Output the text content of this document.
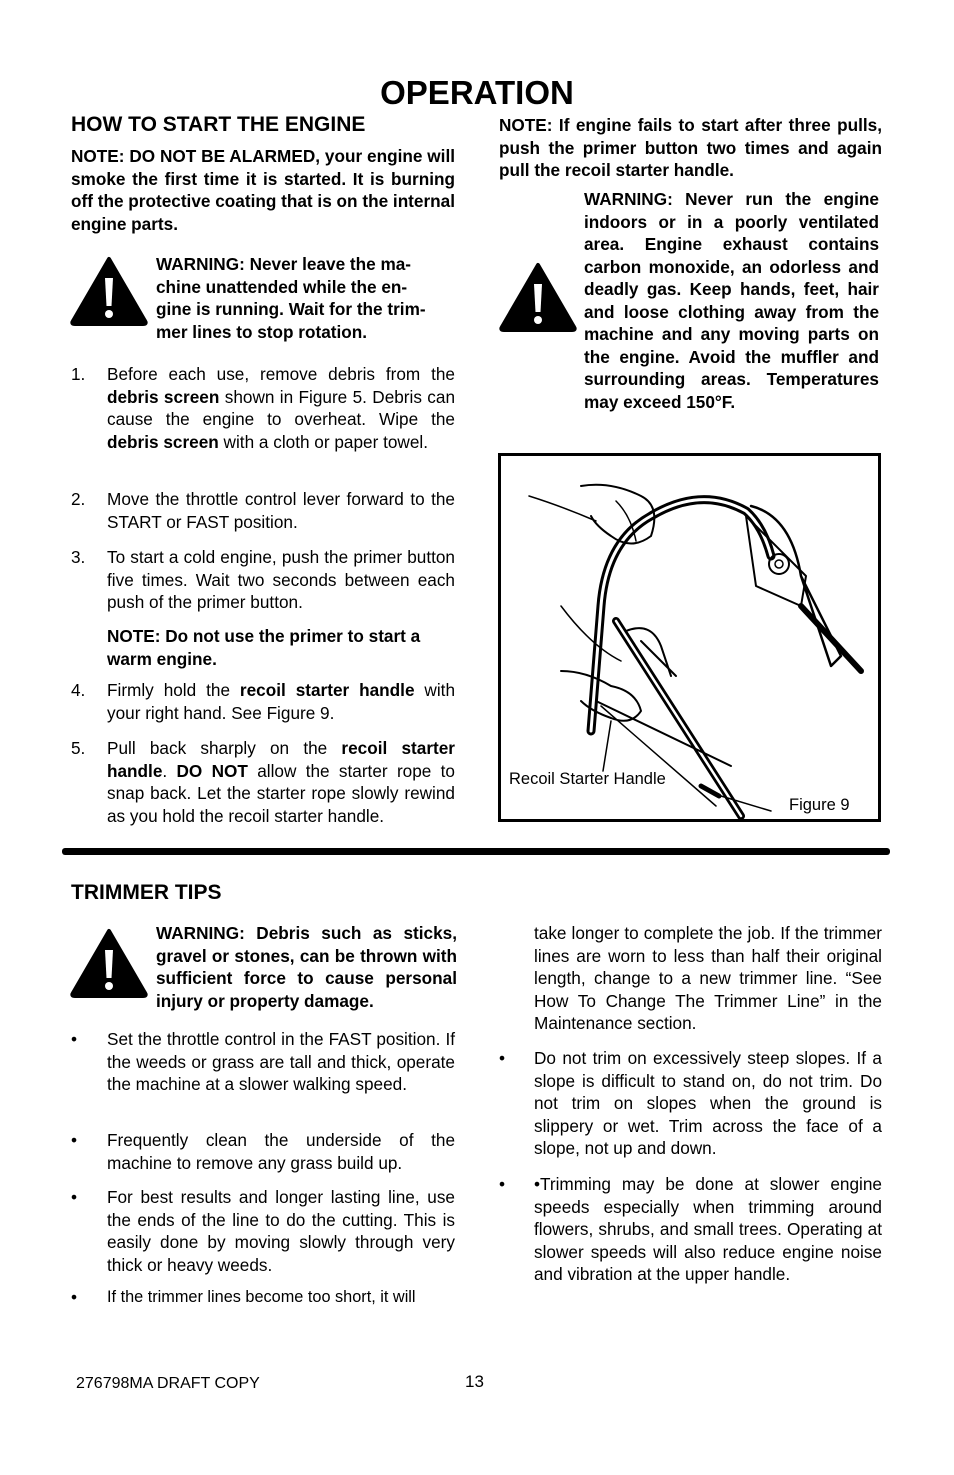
OPERATION
HOW TO START THE ENGINE
NOTE: DO NOT BE ALARMED, your engine will smoke the first time it is started. It is burning off the protective coating that is on the internal engine parts.
WARNING: Never leave the ma-
chine unattended while the en-
gine is running. Wait for the trim-
mer lines to stop rotation.
1.	Before each use, remove debris from the debris screen shown in Figure 5. Debris can cause the engine to overheat. Wipe the debris screen with a cloth or paper towel.
2.	Move the throttle control lever forward to the START or FAST position.
3.	To start a cold engine, push the primer button five times. Wait two seconds between each push of the primer button.
NOTE: Do not use the primer to start a warm engine.
4.	Firmly hold the recoil starter handle with your right hand. See Figure 9.
5.	Pull back sharply on the recoil starter handle. DO NOT allow the starter rope to snap back. Let the starter rope slowly rewind as you hold the recoil starter handle.
NOTE: If engine fails to start after three pulls, push the primer button two times and again pull the recoil starter handle.
WARNING: Never run the engine indoors or in a poorly ventilated area. Engine exhaust contains carbon monoxide, an odorless and deadly gas. Keep hands, feet, hair and loose clothing away from the machine and any moving parts on the engine. Avoid the muffler and surrounding areas. Temperatures may exceed 150°F.
Recoil Starter Handle
Figure 9
TRIMMER TIPS
WARNING: Debris such as sticks, gravel or stones, can be thrown with sufficient force to cause personal injury or property damage.
•	Set the throttle control in the FAST position. If the weeds or grass are tall and thick, operate the machine at a slower walking speed.
•	Frequently clean the underside of the machine to remove any grass build up.
•	For best results and longer lasting line, use the ends of the line to do the cutting. This is easily done by moving slowly through very thick or heavy weeds.
•	If the trimmer lines become too short, it will
take longer to complete the job. If the trimmer lines are worn to less than half their original length, change to a new trimmer line. “See How To Change The Trimmer Line” in the Maintenance section.
•	Do not trim on excessively steep slopes. If a slope is difficult to stand on, do not trim. Do not trim on slopes when the ground is slippery or wet. Trim across the face of a slope, not up and down.
•	•Trimming may be done at slower engine speeds especially when trimming around flowers, shrubs, and small trees. Operating at slower speeds will also reduce engine noise and vibration at the upper handle.
276798MA DRAFT COPY	13
